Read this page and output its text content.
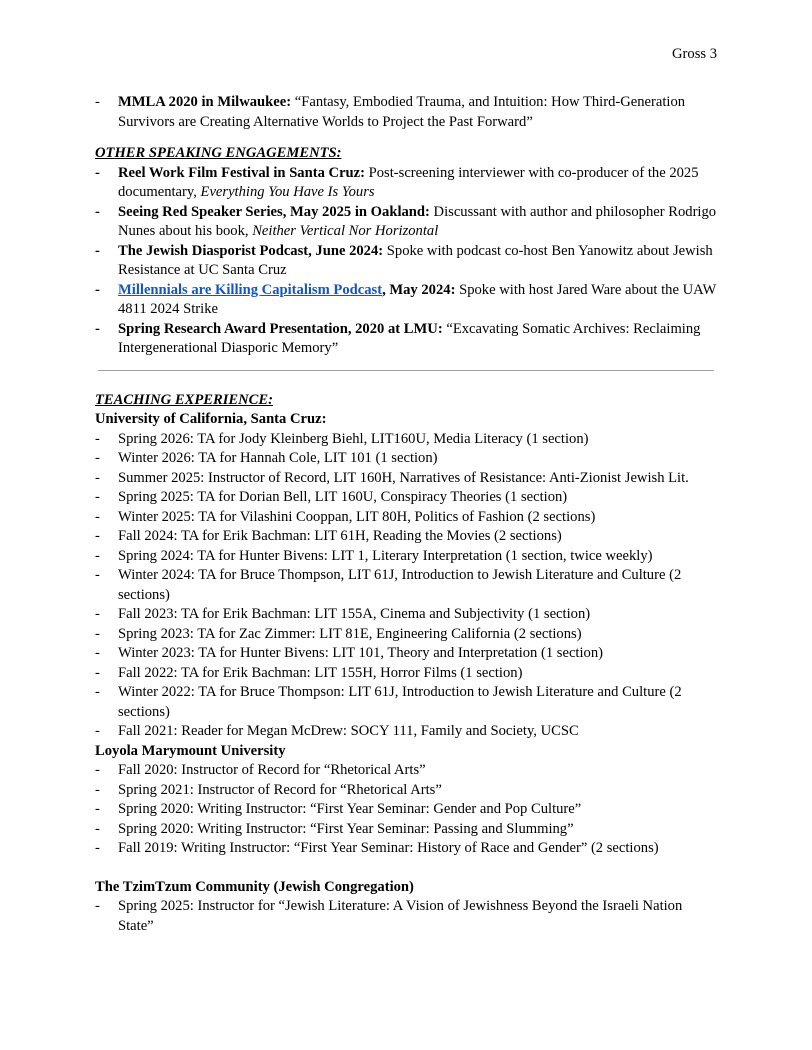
Gross 3
- MMLA 2020 in Milwaukee: “Fantasy, Embodied Trauma, and Intuition: How Third-Generation Survivors are Creating Alternative Worlds to Project the Past Forward”
OTHER SPEAKING ENGAGEMENTS:
- Reel Work Film Festival in Santa Cruz: Post-screening interviewer with co-producer of the 2025 documentary, Everything You Have Is Yours
- Seeing Red Speaker Series, May 2025 in Oakland: Discussant with author and philosopher Rodrigo Nunes about his book, Neither Vertical Nor Horizontal
- The Jewish Diasporist Podcast, June 2024: Spoke with podcast co-host Ben Yanowitz about Jewish Resistance at UC Santa Cruz
- Millennials are Killing Capitalism Podcast, May 2024: Spoke with host Jared Ware about the UAW 4811 2024 Strike
- Spring Research Award Presentation, 2020 at LMU: “Excavating Somatic Archives: Reclaiming Intergenerational Diasporic Memory”
TEACHING EXPERIENCE:
University of California, Santa Cruz:
- Spring 2026: TA for Jody Kleinberg Biehl, LIT160U, Media Literacy (1 section)
- Winter 2026: TA for Hannah Cole, LIT 101 (1 section)
- Summer 2025: Instructor of Record, LIT 160H, Narratives of Resistance: Anti-Zionist Jewish Lit.
- Spring 2025: TA for Dorian Bell, LIT 160U, Conspiracy Theories (1 section)
- Winter 2025: TA for Vilashini Cooppan, LIT 80H, Politics of Fashion (2 sections)
- Fall 2024: TA for Erik Bachman: LIT 61H, Reading the Movies (2 sections)
- Spring 2024: TA for Hunter Bivens: LIT 1, Literary Interpretation (1 section, twice weekly)
- Winter 2024: TA for Bruce Thompson, LIT 61J, Introduction to Jewish Literature and Culture (2 sections)
- Fall 2023: TA for Erik Bachman: LIT 155A, Cinema and Subjectivity (1 section)
- Spring 2023: TA for Zac Zimmer: LIT 81E, Engineering California (2 sections)
- Winter 2023: TA for Hunter Bivens: LIT 101, Theory and Interpretation (1 section)
- Fall 2022: TA for Erik Bachman: LIT 155H, Horror Films (1 section)
- Winter 2022: TA for Bruce Thompson: LIT 61J, Introduction to Jewish Literature and Culture (2 sections)
- Fall 2021: Reader for Megan McDrew: SOCY 111, Family and Society, UCSC
Loyola Marymount University
- Fall 2020: Instructor of Record for “Rhetorical Arts”
- Spring 2021: Instructor of Record for “Rhetorical Arts”
- Spring 2020: Writing Instructor: “First Year Seminar: Gender and Pop Culture”
- Spring 2020: Writing Instructor: “First Year Seminar: Passing and Slumming”
- Fall 2019: Writing Instructor: “First Year Seminar: History of Race and Gender” (2 sections)
The TzimTzum Community (Jewish Congregation)
- Spring 2025: Instructor for “Jewish Literature: A Vision of Jewishness Beyond the Israeli Nation State”
